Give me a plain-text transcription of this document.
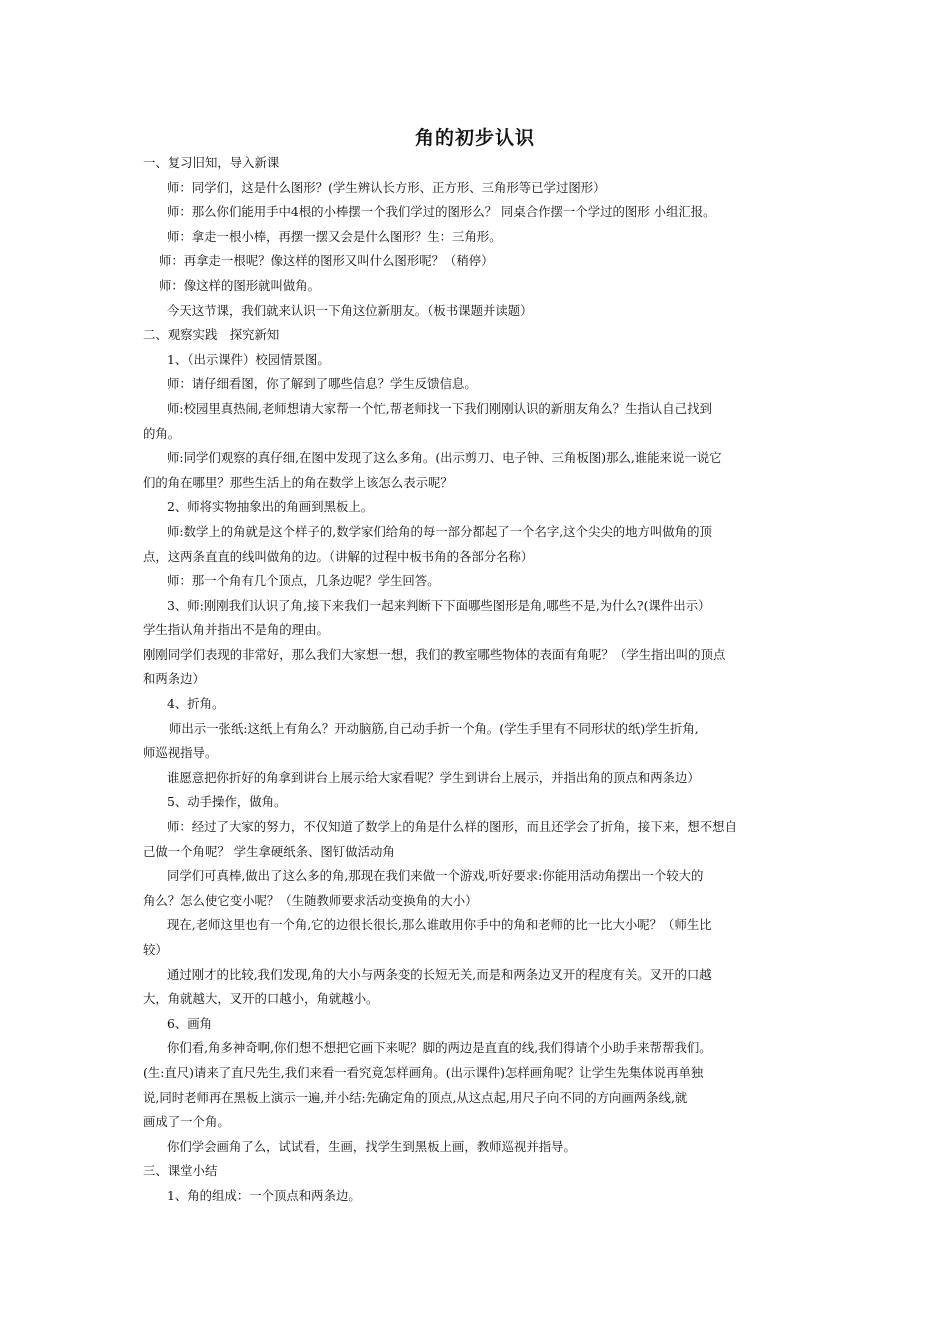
角的初步认识
一、复习旧知，导入新课
师：同学们，这是什么图形？(学生辨认长方形、正方形、三角形等已学过图形）
师：那么你们能用手中4根的小棒摆一个我们学过的图形么？ 同桌合作摆一个学过的图形 小组汇报。
师：拿走一根小棒，再摆一摆又会是什么图形？生：三角形。
师：再拿走一根呢？像这样的图形又叫什么图形呢？（稍停）
师：像这样的图形就叫做角。
今天这节课，我们就来认识一下角这位新朋友。（板书课题并读题）
二、观察实践　探究新知
1、（出示课件）校园情景图。
师：请仔细看图，你了解到了哪些信息？学生反馈信息。
师:校园里真热闹,老师想请大家帮一个忙,帮老师找一下我们刚刚认识的新朋友角么？生指认自己找到
的角。
师:同学们观察的真仔细,在图中发现了这么多角。(出示剪刀、电子钟、三角板图)那么,谁能来说一说它
们的角在哪里？那些生活上的角在数学上该怎么表示呢？
2、师将实物抽象出的角画到黑板上。
师:数学上的角就是这个样子的,数学家们给角的每一部分都起了一个名字,这个尖尖的地方叫做角的顶
点，这两条直直的线叫做角的边。（讲解的过程中板书角的各部分名称）
师：那一个角有几个顶点，几条边呢？学生回答。
3、师:刚刚我们认识了角,接下来我们一起来判断下下面哪些图形是角,哪些不是,为什么?(课件出示）
学生指认角并指出不是角的理由。
刚刚同学们表现的非常好，那么我们大家想一想，我们的教室哪些物体的表面有角呢？（学生指出叫的顶点
和两条边）
4、折角。
师出示一张纸:这纸上有角么？开动脑筋,自己动手折一个角。(学生手里有不同形状的纸)学生折角,
师巡视指导。
谁愿意把你折好的角拿到讲台上展示给大家看呢？学生到讲台上展示，并指出角的顶点和两条边）
5、动手操作，做角。
师：经过了大家的努力，不仅知道了数学上的角是什么样的图形，而且还学会了折角，接下来，想不想自
己做一个角呢？ 学生拿硬纸条、图钉做活动角
同学们可真棒,做出了这么多的角,那现在我们来做一个游戏,听好要求:你能用活动角摆出一个较大的
角么？怎么使它变小呢？（生随教师要求活动变换角的大小）
现在,老师这里也有一个角,它的边很长很长,那么谁敢用你手中的角和老师的比一比大小呢？（师生比
较）
通过刚才的比较,我们发现,角的大小与两条变的长短无关,而是和两条边叉开的程度有关。叉开的口越
大，角就越大，叉开的口越小，角就越小。
6、画角
你们看,角多神奇啊,你们想不想把它画下来呢？脚的两边是直直的线,我们得请个小助手来帮帮我们。
(生:直尺)请来了直尺先生,我们来看一看究竟怎样画角。(出示课件)怎样画角呢？让学生先集体说再单独
说,同时老师再在黑板上演示一遍,并小结:先确定角的顶点,从这点起,用尺子向不同的方向画两条线,就
画成了一个角。
你们学会画角了么，试试看，生画，找学生到黑板上画，教师巡视并指导。
三、课堂小结
1、角的组成：一个顶点和两条边。
